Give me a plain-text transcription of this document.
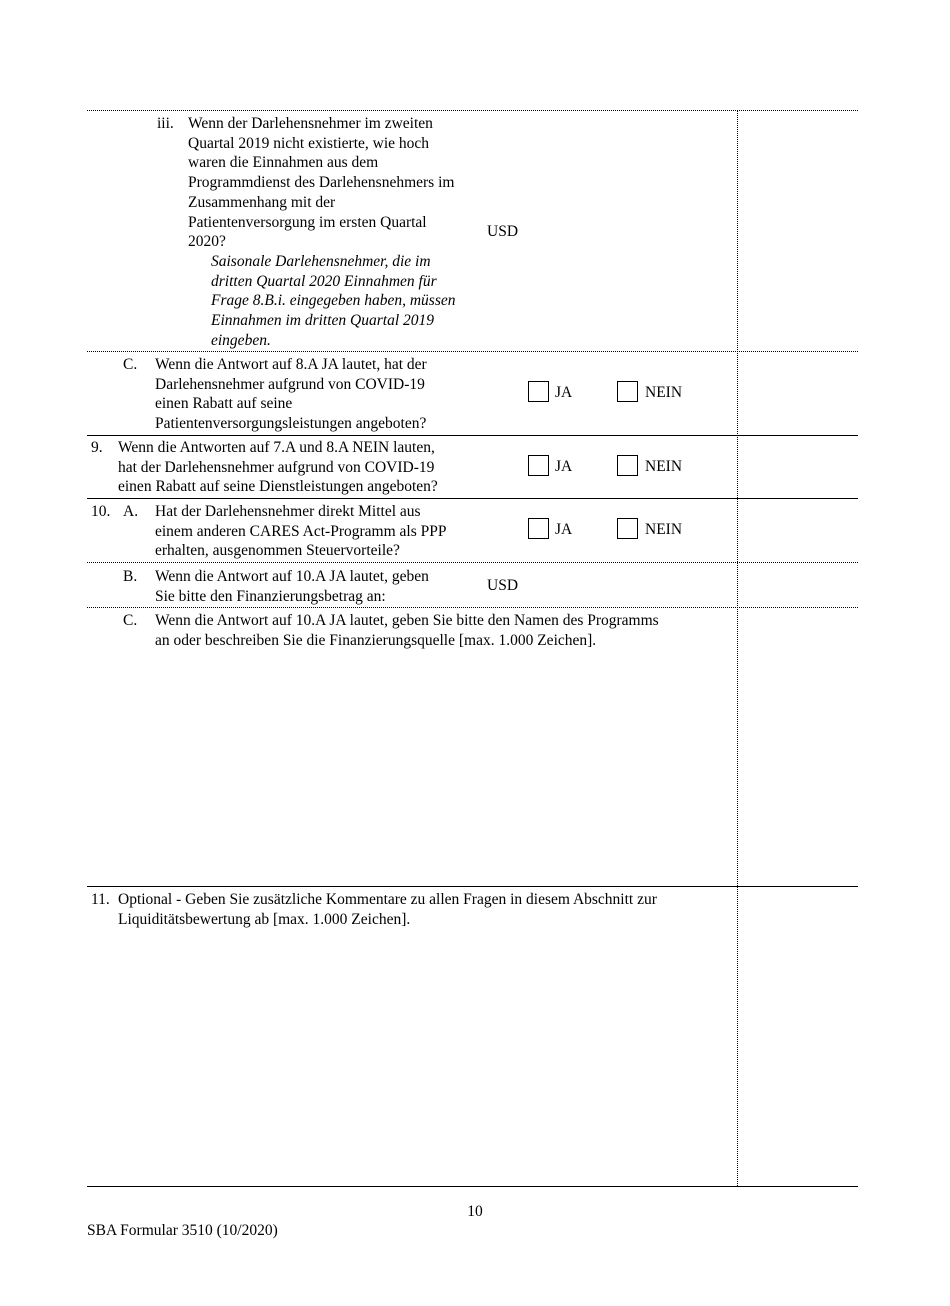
iii. Wenn der Darlehensnehmer im zweiten
Quartal 2019 nicht existierte, wie hoch
waren die Einnahmen aus dem
Programmdienst des Darlehensnehmers im
Zusammenhang mit der
Patientenversorgung im ersten Quartal
2020?
Saisonale Darlehensnehmer, die im
dritten Quartal 2020 Einnahmen für
Frage 8.B.i. eingegeben haben, müssen
Einnahmen im dritten Quartal 2019
eingeben.
USD
C. Wenn die Antwort auf 8.A JA lautet, hat der
Darlehensnehmer aufgrund von COVID-19
einen Rabatt auf seine
Patientenversorgungsleistungen angeboten?
JA	NEIN
9. Wenn die Antworten auf 7.A und 8.A NEIN lauten,
hat der Darlehensnehmer aufgrund von COVID-19
einen Rabatt auf seine Dienstleistungen angeboten?
JA	NEIN
10. A. Hat der Darlehensnehmer direkt Mittel aus
einem anderen CARES Act-Programm als PPP
erhalten, ausgenommen Steuervorteile?
JA	NEIN
B. Wenn die Antwort auf 10.A JA lautet, geben
Sie bitte den Finanzierungsbetrag an:
USD
C. Wenn die Antwort auf 10.A JA lautet, geben Sie bitte den Namen des Programms
an oder beschreiben Sie die Finanzierungsquelle [max. 1.000 Zeichen].
11. Optional - Geben Sie zusätzliche Kommentare zu allen Fragen in diesem Abschnitt zur
Liquiditätsbewertung ab [max. 1.000 Zeichen].
10
SBA Formular 3510 (10/2020)
